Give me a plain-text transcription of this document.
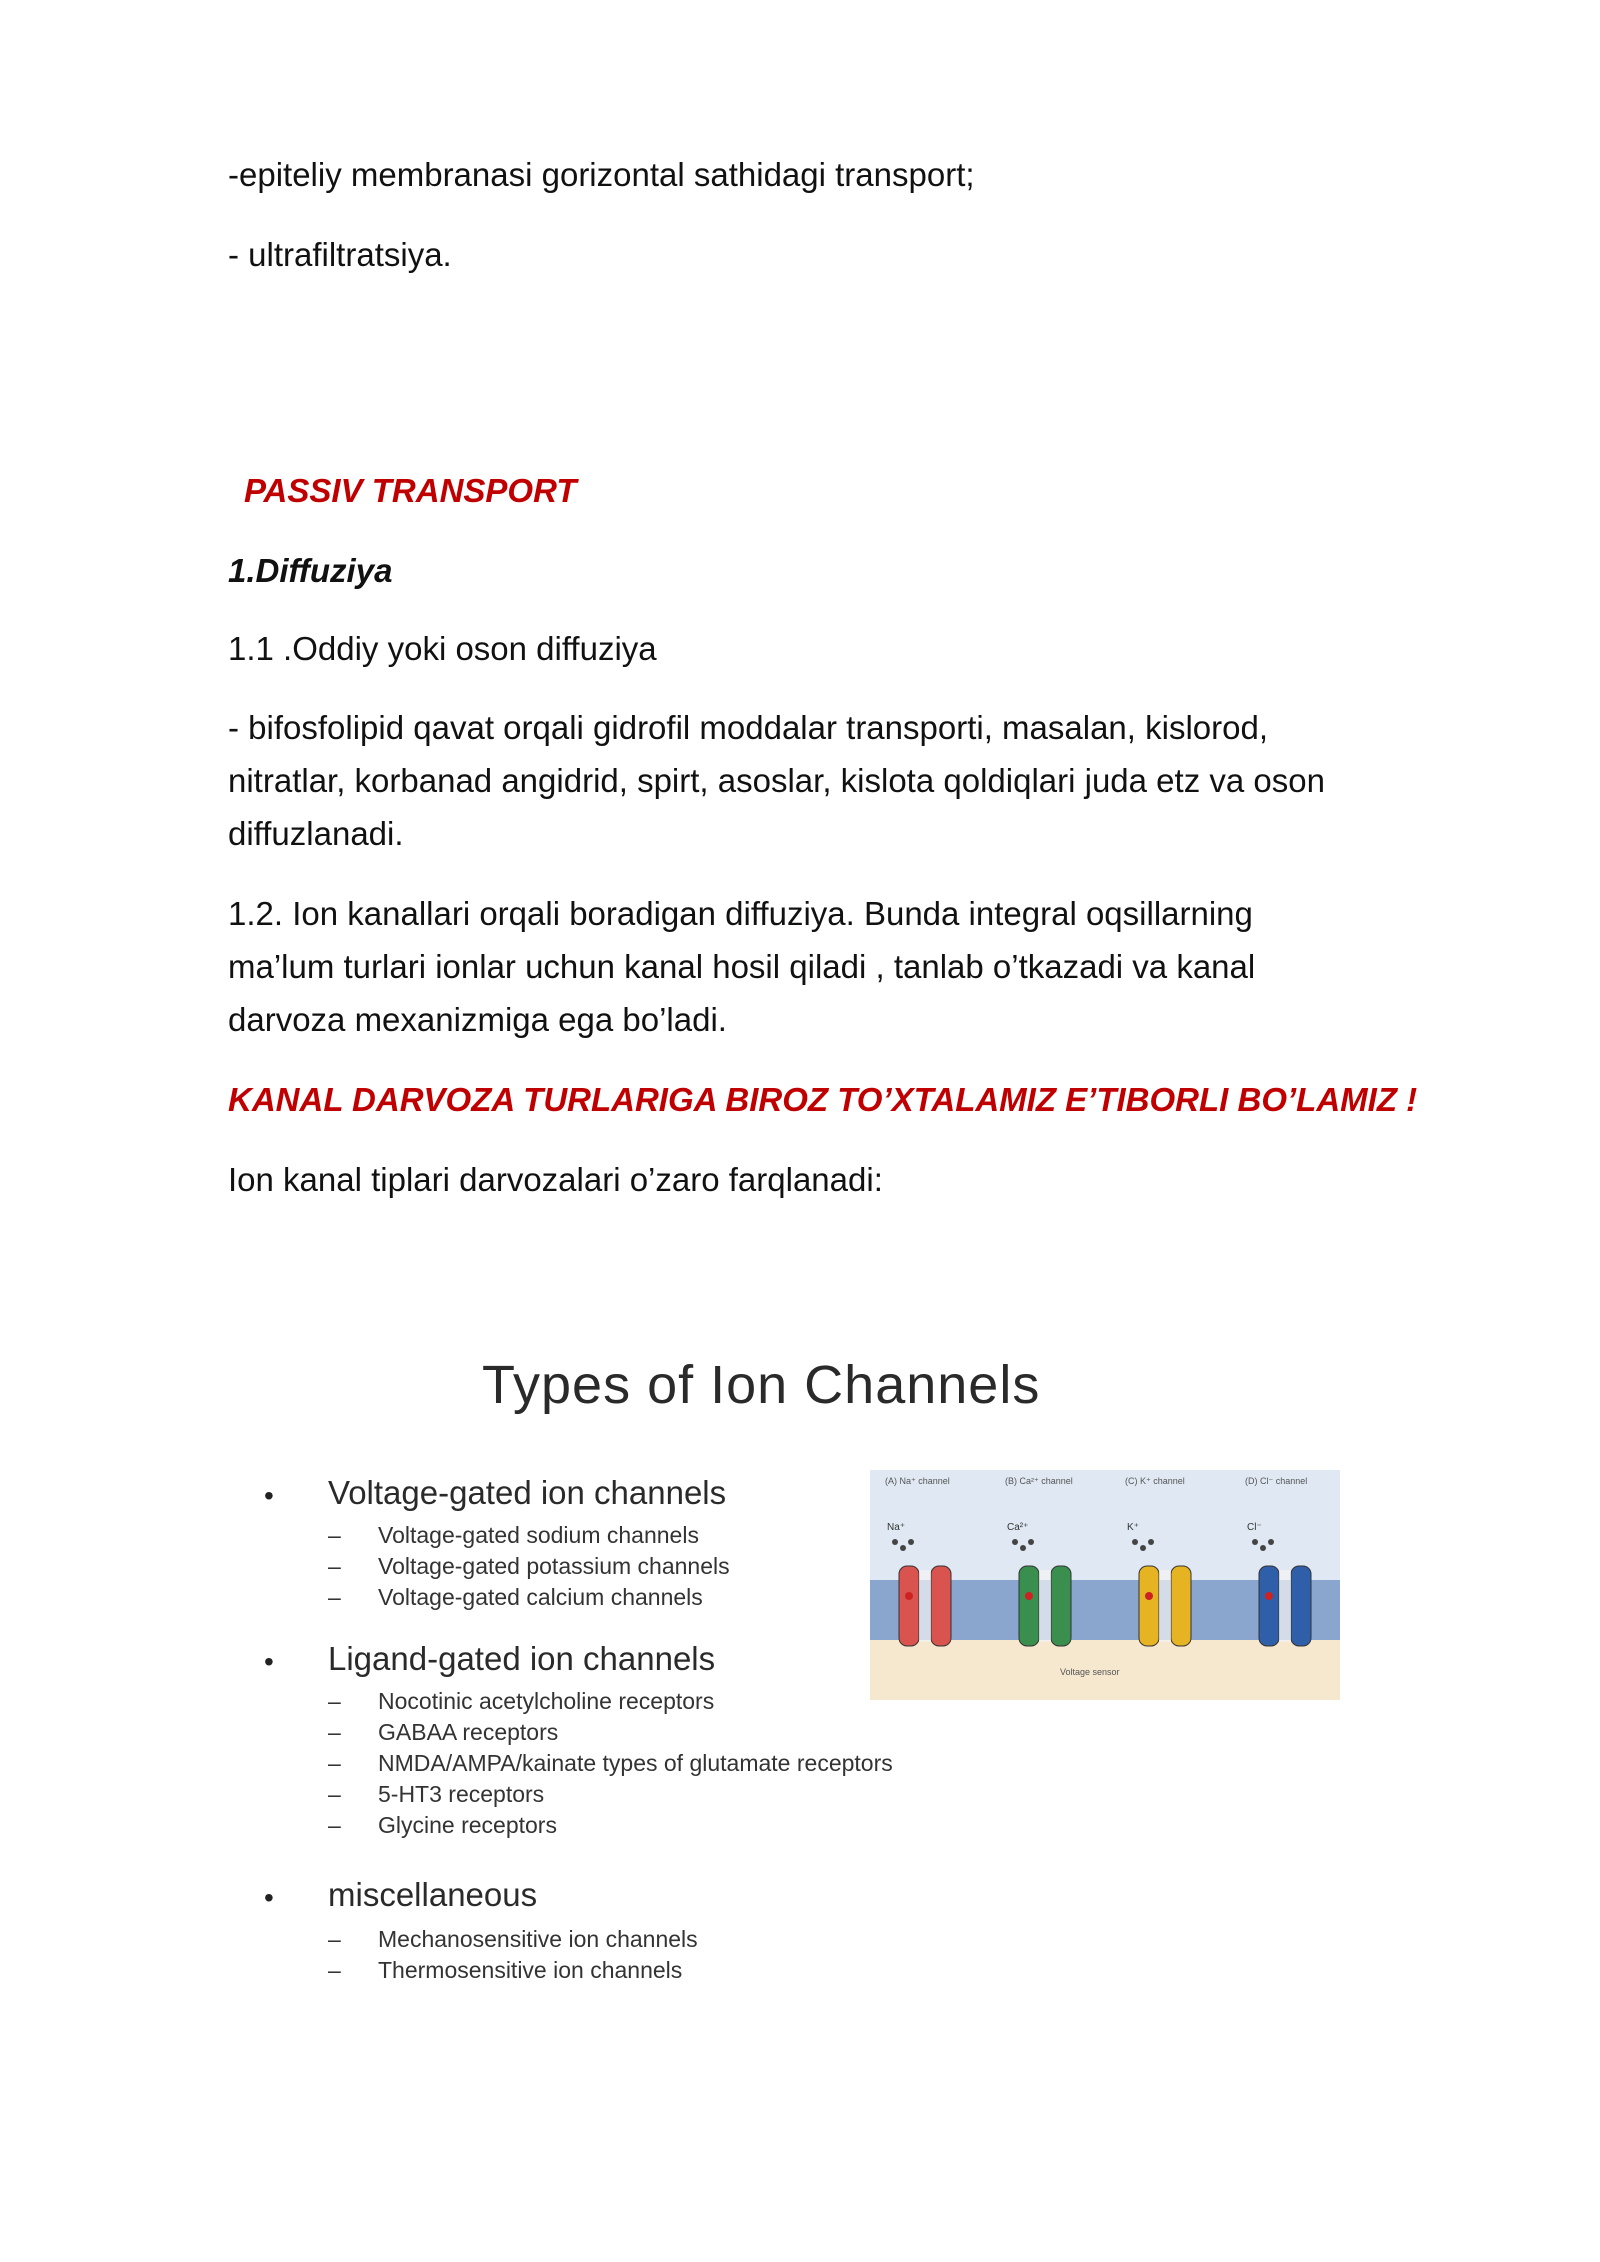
-epiteliy membranasi gorizontal sathidagi transport;
- ultrafiltratsiya.
PASSIV TRANSPORT
1.Diffuziya
1.1 .Oddiy yoki oson diffuziya
- bifosfolipid qavat orqali gidrofil moddalar transporti, masalan, kislorod,
nitratlar, korbanad angidrid, spirt, asoslar, kislota qoldiqlari juda etz va oson
diffuzlanadi.
1.2. Ion kanallari orqali boradigan diffuziya. Bunda integral oqsillarning
ma’lum turlari ionlar uchun kanal hosil qiladi , tanlab o’tkazadi va kanal
darvoza mexanizmiga ega bo’ladi.
KANAL DARVOZA TURLARIGA BIROZ TO’XTALAMIZ E’TIBORLI BO’LAMIZ !
Ion kanal tiplari darvozalari o’zaro farqlanadi:
Types of Ion Channels
• Voltage-gated ion channels
– Voltage-gated sodium channels
– Voltage-gated potassium channels
– Voltage-gated calcium channels
• Ligand-gated ion channels
– Nocotinic acetylcholine receptors
– GABAA receptors
– NMDA/AMPA/kainate types of glutamate receptors
– 5-HT3 receptors
– Glycine receptors
• miscellaneous
– Mechanosensitive ion channels
– Thermosensitive ion channels
(A) Na⁺ channel
Na⁺
(B) Ca²⁺ channel
Ca²⁺
(C) K⁺ channel
K⁺
(D) Cl⁻ channel
Cl⁻
Voltage sensor
